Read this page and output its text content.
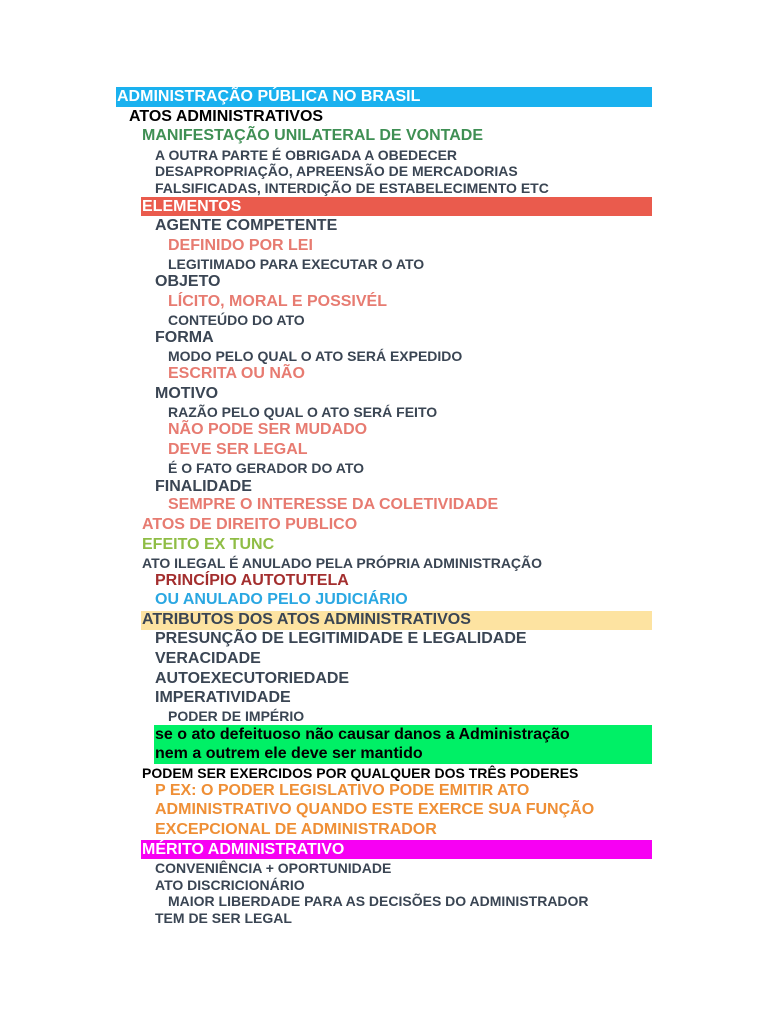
ADMINISTRAÇÃO PÚBLICA NO BRASIL
ATOS ADMINISTRATIVOS
MANIFESTAÇÃO UNILATERAL DE VONTADE
A OUTRA PARTE É OBRIGADA A OBEDECER
DESAPROPRIAÇÃO, APREENSÃO DE MERCADORIAS
FALSIFICADAS, INTERDIÇÃO DE ESTABELECIMENTO ETC
ELEMENTOS
AGENTE COMPETENTE
DEFINIDO POR LEI
LEGITIMADO PARA EXECUTAR O ATO
OBJETO
LÍCITO, MORAL E POSSIVÉL
CONTEÚDO DO ATO
FORMA
MODO PELO QUAL O ATO SERÁ EXPEDIDO
ESCRITA OU NÃO
MOTIVO
RAZÃO PELO QUAL O ATO SERÁ FEITO
NÃO PODE SER MUDADO
DEVE SER LEGAL
É O FATO GERADOR DO ATO
FINALIDADE
SEMPRE O INTERESSE DA COLETIVIDADE
ATOS DE DIREITO PUBLICO
EFEITO EX TUNC
ATO ILEGAL É ANULADO PELA PRÓPRIA ADMINISTRAÇÃO
PRINCÍPIO AUTOTUTELA
OU ANULADO PELO JUDICIÁRIO
ATRIBUTOS DOS ATOS ADMINISTRATIVOS
PRESUNÇÃO DE LEGITIMIDADE E LEGALIDADE
VERACIDADE
AUTOEXECUTORIEDADE
IMPERATIVIDADE
PODER DE IMPÉRIO
se o ato defeituoso não causar danos a Administração
nem a outrem ele deve ser mantido
PODEM SER EXERCIDOS POR QUALQUER DOS TRÊS PODERES
P EX: O PODER LEGISLATIVO PODE EMITIR ATO
ADMINISTRATIVO QUANDO ESTE EXERCE SUA FUNÇÃO
EXCEPCIONAL DE ADMINISTRADOR
MÉRITO ADMINISTRATIVO
CONVENIÊNCIA + OPORTUNIDADE
ATO DISCRICIONÁRIO
MAIOR LIBERDADE PARA AS DECISÕES DO ADMINISTRADOR
TEM DE SER LEGAL
